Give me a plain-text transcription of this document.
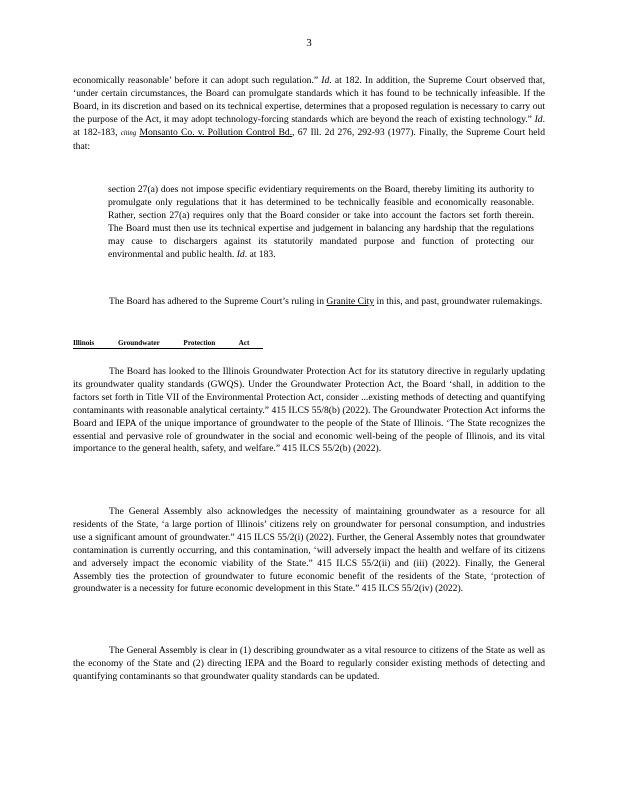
3
economically reasonable’ before it can adopt such regulation.” Id. at 182. In addition, the Supreme Court observed that, ‘under certain circumstances, the Board can promulgate standards which it has found to be technically infeasible. If the Board, in its discretion and based on its technical expertise, determines that a proposed regulation is necessary to carry out the purpose of the Act, it may adopt technology-forcing standards which are beyond the reach of existing technology.” Id. at 182-183, citing Monsanto Co. v. Pollution Control Bd., 67 Ill. 2d 276, 292-93 (1977). Finally, the Supreme Court held that:
section 27(a) does not impose specific evidentiary requirements on the Board, thereby limiting its authority to promulgate only regulations that it has determined to be technically feasible and economically reasonable. Rather, section 27(a) requires only that the Board consider or take into account the factors set forth therein. The Board must then use its technical expertise and judgement in balancing any hardship that the regulations may cause to dischargers against its statutorily mandated purpose and function of protecting our environmental and public health. Id. at 183.
The Board has adhered to the Supreme Court’s ruling in Granite City in this, and past, groundwater rulemakings.
Illinois Groundwater Protection Act
The Board has looked to the Illinois Groundwater Protection Act for its statutory directive in regularly updating its groundwater quality standards (GWQS). Under the Groundwater Protection Act, the Board ‘shall, in addition to the factors set forth in Title VII of the Environmental Protection Act, consider ...existing methods of detecting and quantifying contaminants with reasonable analytical certainty.” 415 ILCS 55/8(b) (2022). The Groundwater Protection Act informs the Board and IEPA of the unique importance of groundwater to the people of the State of Illinois. ‘The State recognizes the essential and pervasive role of groundwater in the social and economic well-being of the people of Illinois, and its vital importance to the general health, safety, and welfare.” 415 ILCS 55/2(b) (2022).
The General Assembly also acknowledges the necessity of maintaining groundwater as a resource for all residents of the State, ‘a large portion of Illinois’ citizens rely on groundwater for personal consumption, and industries use a significant amount of groundwater.” 415 ILCS 55/2(i) (2022). Further, the General Assembly notes that groundwater contamination is currently occurring, and this contamination, ‘will adversely impact the health and welfare of its citizens and adversely impact the economic viability of the State.” 415 ILCS 55/2(ii) and (iii) (2022). Finally, the General Assembly ties the protection of groundwater to future economic benefit of the residents of the State, ‘protection of groundwater is a necessity for future economic development in this State.” 415 ILCS 55/2(iv) (2022).
The General Assembly is clear in (1) describing groundwater as a vital resource to citizens of the State as well as the economy of the State and (2) directing IEPA and the Board to regularly consider existing methods of detecting and quantifying contaminants so that groundwater quality standards can be updated.
